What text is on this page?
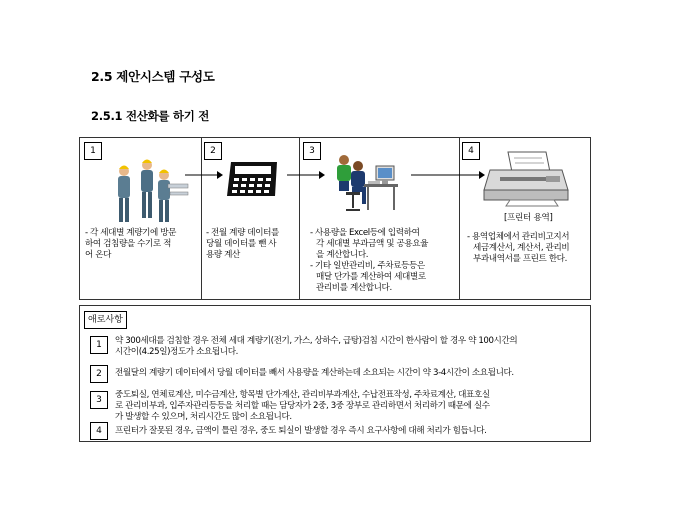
2.5 제안시스템 구성도
2.5.1 전산화를 하기 전
1
- 각 세대별 계량기에 방문
하여 검침량을 수기로 적
어 온다
2
- 전월 계량 데이터를
당월 데이터를 뺀 사
용량 계산
3
- 사용량을 Excel등에 입력하여
각 세대별 부과금액 및 공용요율
을 계산합니다.
- 기타 일반관리비, 주차료등등은
매달 단가를 계산하여 세대별로
관리비를 계산합니다.
4
[프린터 용역]
- 용역업체에서 관리비고지서
세금계산서, 계산서, 관리비
부과내역서를 프린트 한다.
애로사항
1	약 300세대를 검침할 경우 전체 세대 계량기(전기, 가스, 상하수, 급탕)검침 시간이 한사람이 할 경우 약 100시간의
시간이(4.25일)정도가 소요됩니다.
2	전월달의 계량기 데이터에서 당월 데이터를 빼서 사용량을 계산하는데 소요되는 시간이 약 3-4시간이 소요됩니다.
3	중도퇴실, 연체료계산, 미수금계산, 항목별 단가계산, 관리비부과계산, 수납전표작성, 주차료계산, 대표호실
로 관리비부과, 입주자관리등등을 처리할 때는 담당자가 2중, 3중 장부로 관리하면서 처리하기 때문에 실수
가 발생할 수 있으며, 처리시간도 많이 소요됩니다.
4	프린터가 잘못된 경우, 금액이 틀린 경우, 중도 퇴실이 발생할 경우 즉시 요구사항에 대해 처리가 힘듭니다.
